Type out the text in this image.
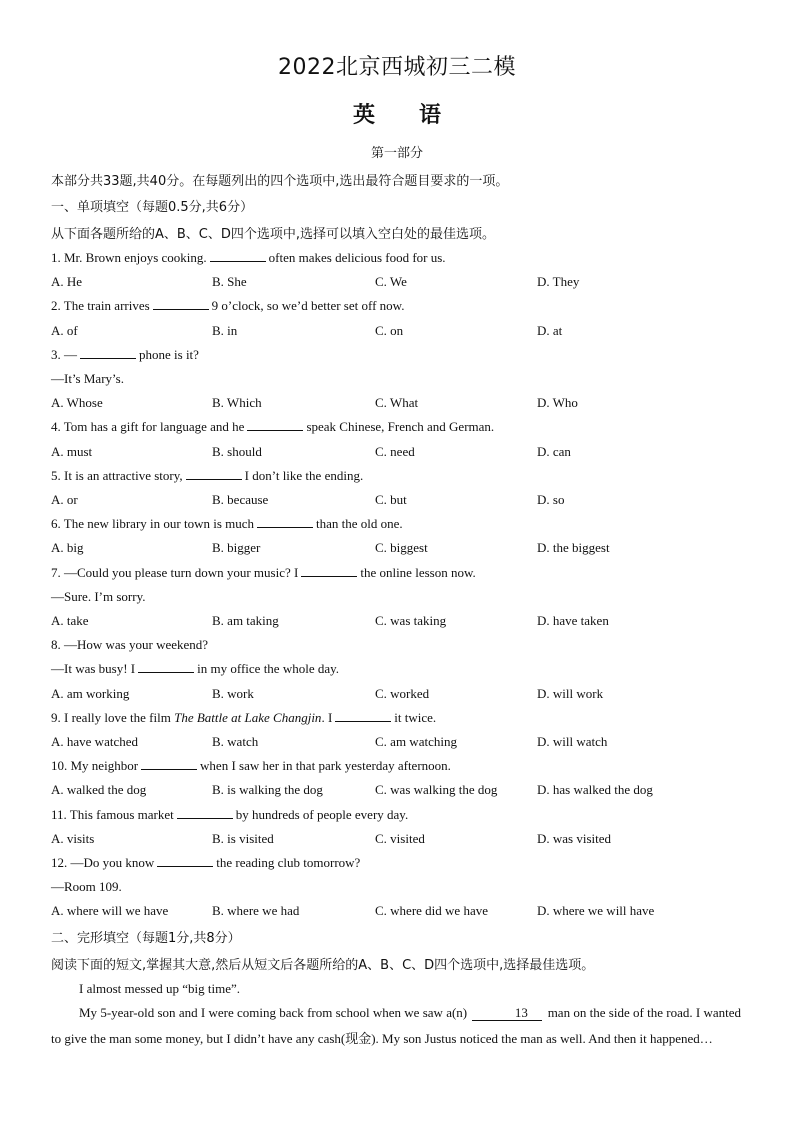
2022北京西城初三二模
英　　语
第一部分
本部分共33题,共40分。在每题列出的四个选项中,选出最符合题目要求的一项。
一、单项填空（每题0.5分,共6分）
从下面各题所给的A、B、C、D四个选项中,选择可以填入空白处的最佳选项。
1. Mr. Brown enjoys cooking.	often makes delicious food for us.
A. He	B. She	C. We	D. They
2. The train arrives	9 o’clock, so we’d better set off now.
A. of	B. in	C. on	D. at
3. —	phone is it?
—It’s Mary’s.
A. Whose	B. Which	C. What	D. Who
4. Tom has a gift for language and he	speak Chinese, French and German.
A. must	B. should	C. need	D. can
5. It is an attractive story,	I don’t like the ending.
A. or	B. because	C. but	D. so
6. The new library in our town is much	than the old one.
A. big	B. bigger	C. biggest	D. the biggest
7. —Could you please turn down your music? I	the online lesson now.
—Sure. I’m sorry.
A. take	B. am taking	C. was taking	D. have taken
8. —How was your weekend?
—It was busy! I	in my office the whole day.
A. am working	B. work	C. worked	D. will work
9. I really love the film The Battle at Lake Changjin. I	it twice.
A. have watched	B. watch	C. am watching	D. will watch
10. My neighbor	when I saw her in that park yesterday afternoon.
A. walked the dog	B. is walking the dog	C. was walking the dog	D. has walked the dog
11. This famous market	by hundreds of people every day.
A. visits	B. is visited	C. visited	D. was visited
12. —Do you know	the reading club tomorrow?
—Room 109.
A. where will we have	B. where we had	C. where did we have	D. where we will have
二、完形填空（每题1分,共8分）
阅读下面的短文,掌握其大意,然后从短文后各题所给的A、B、C、D四个选项中,选择最佳选项。
I almost messed up “big time”.
My 5-year-old son and I were coming back from school when we saw a(n)	13 man on the side of the road. I wanted to give the man some money, but I didn’t have any cash(现金). My son Justus noticed the man as well. And then it happened…
